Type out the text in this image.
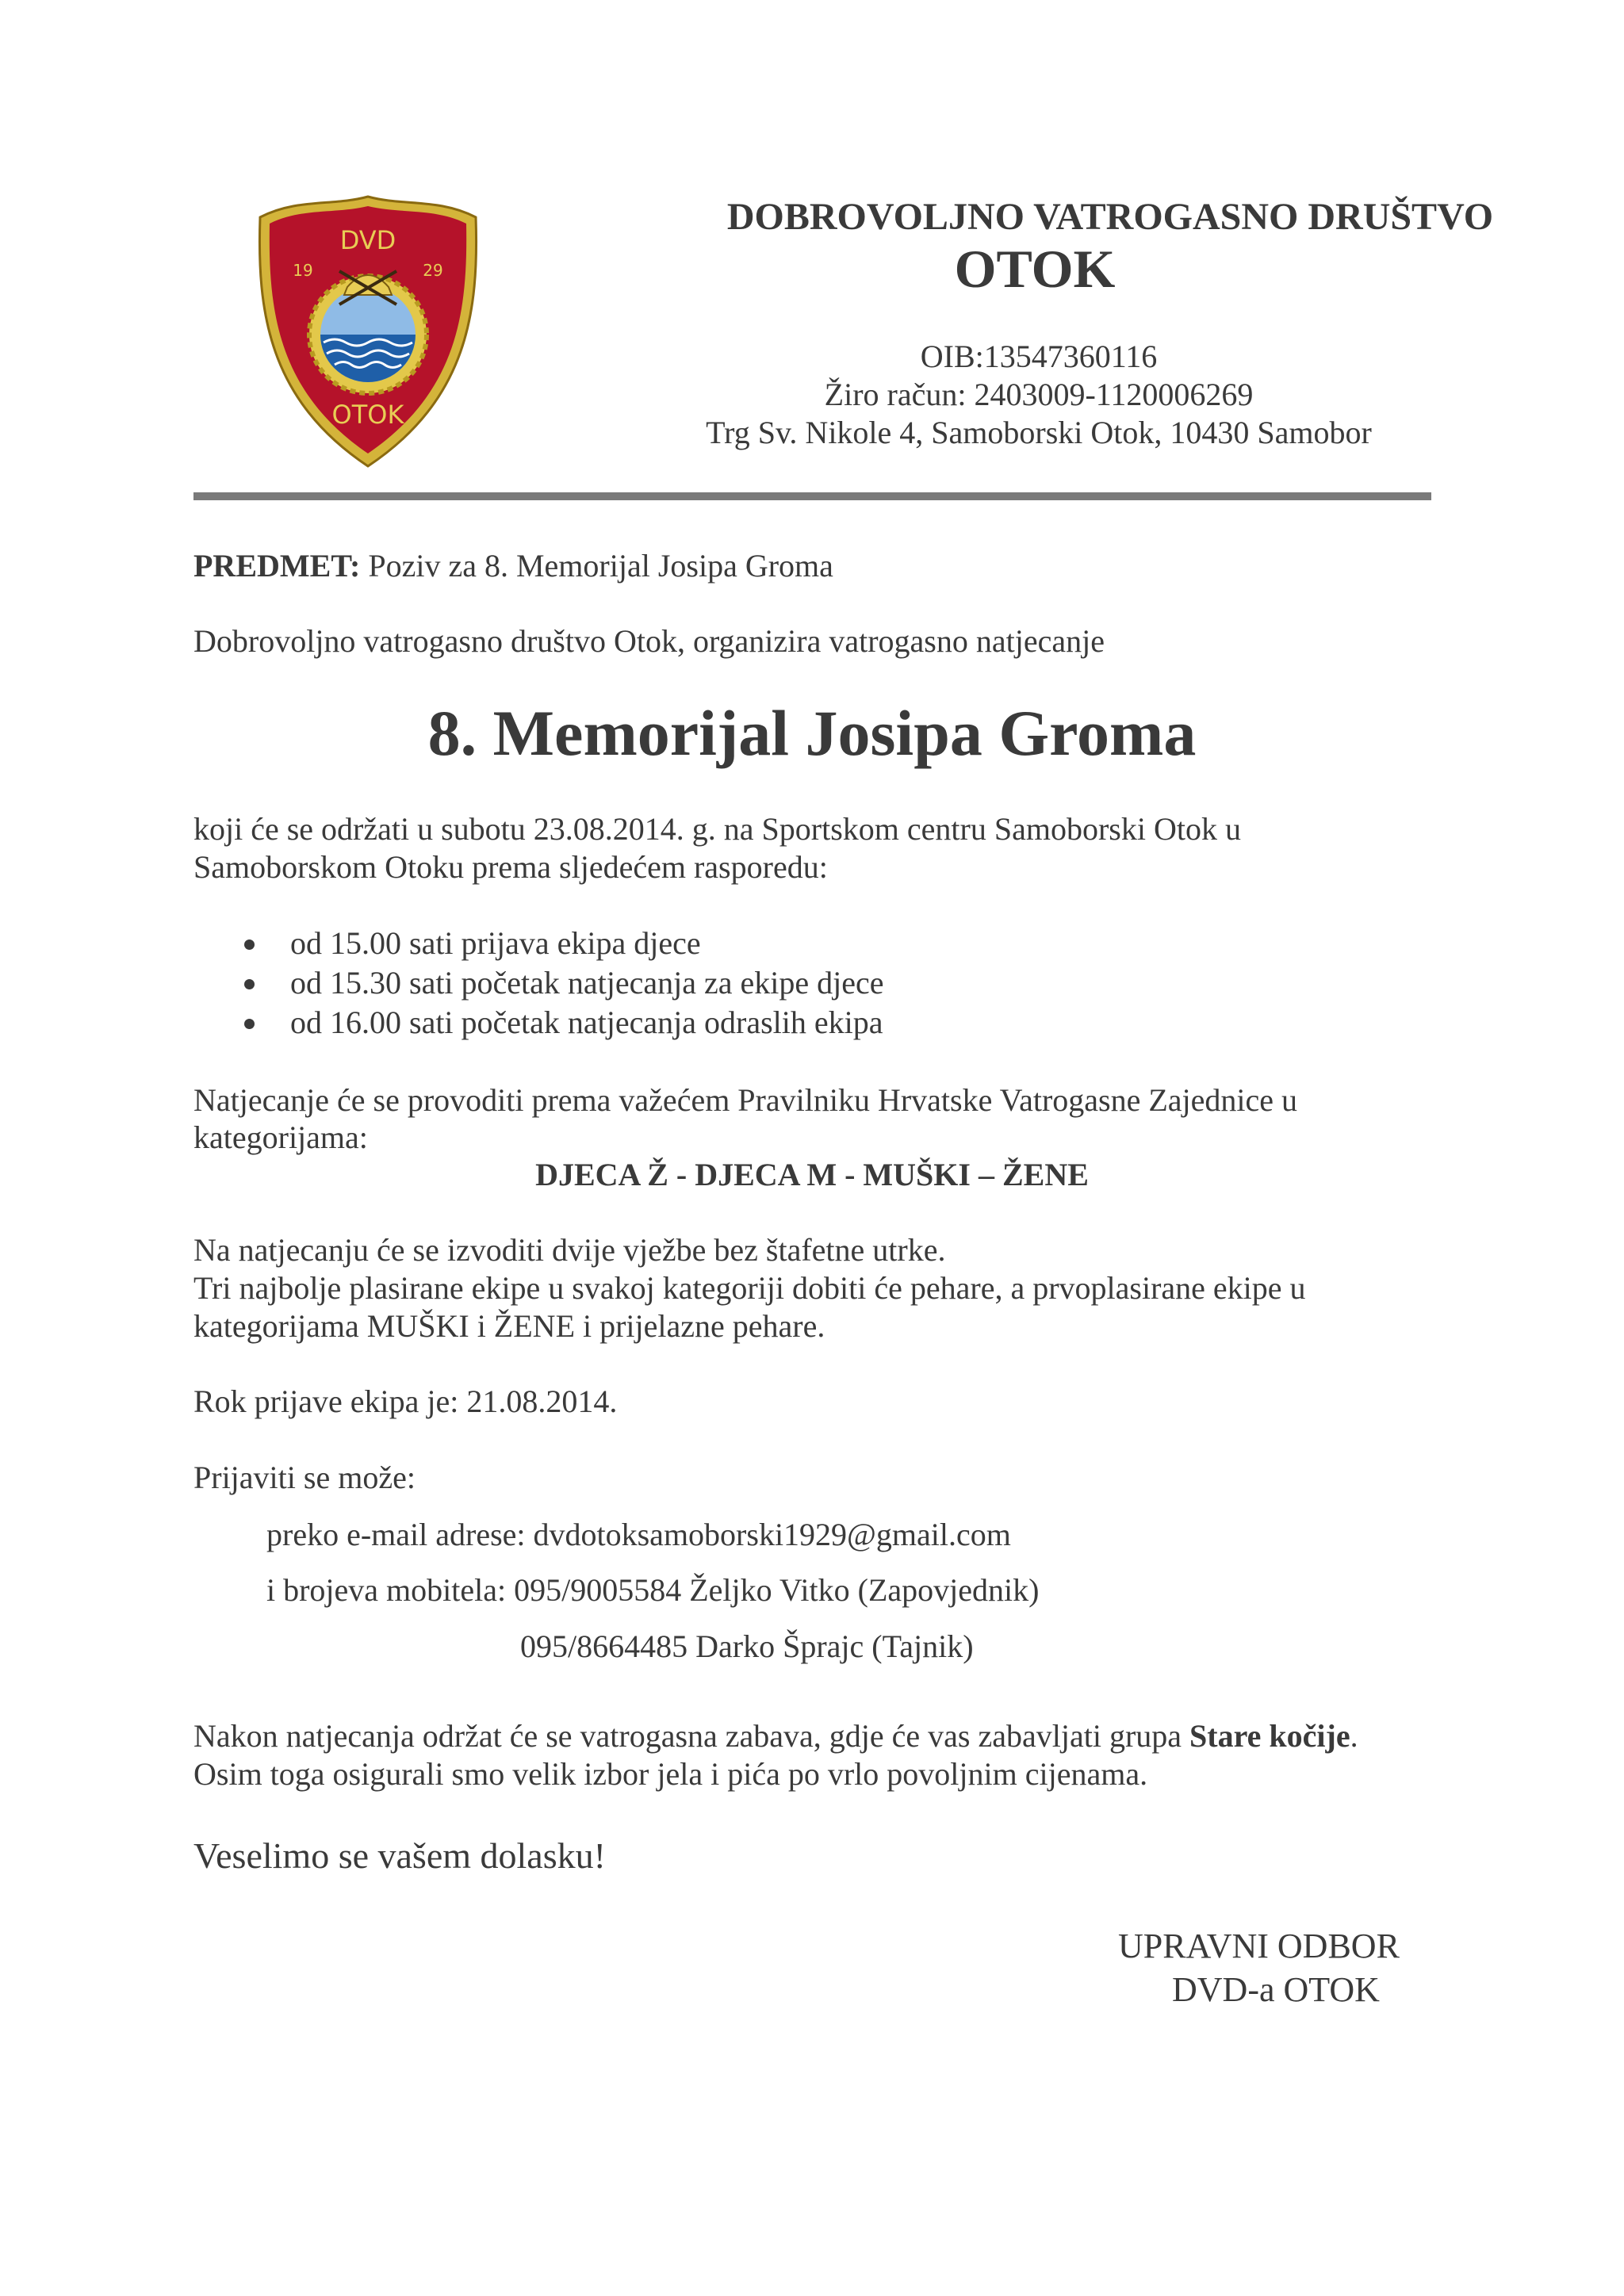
DVD
19	29
OTOK
DOBROVOLJNO VATROGASNO DRUŠTVO
OTOK
OIB:13547360116
Žiro račun: 2403009-1120006269
Trg Sv. Nikole 4, Samoborski Otok, 10430 Samobor
PREDMET: Poziv za 8. Memorijal Josipa Groma
Dobrovoljno vatrogasno društvo Otok, organizira vatrogasno natjecanje
8. Memorijal Josipa Groma
koji će se održati u subotu 23.08.2014. g. na Sportskom centru Samoborski Otok u
Samoborskom Otoku prema sljedećem rasporedu:
od 15.00 sati prijava ekipa djece
od 15.30 sati početak natjecanja za ekipe djece
od 16.00 sati početak natjecanja odraslih ekipa
Natjecanje će se provoditi prema važećem Pravilniku Hrvatske Vatrogasne Zajednice u
kategorijama:
DJECA Ž - DJECA M - MUŠKI – ŽENE
Na natjecanju će se izvoditi dvije vježbe bez štafetne utrke.
Tri najbolje plasirane ekipe u svakoj kategoriji dobiti će pehare, a prvoplasirane ekipe u
kategorijama MUŠKI i ŽENE i prijelazne pehare.
Rok prijave ekipa je: 21.08.2014.
Prijaviti se može:
preko e-mail adrese: dvdotoksamoborski1929@gmail.com
i brojeva mobitela: 095/9005584 Željko Vitko (Zapovjednik)
095/8664485 Darko Šprajc (Tajnik)
Nakon natjecanja održat će se vatrogasna zabava, gdje će vas zabavljati grupa Stare kočije.
Osim toga osigurali smo velik izbor jela i pića po vrlo povoljnim cijenama.
Veselimo se vašem dolasku!
UPRAVNI ODBOR
DVD-a OTOK
